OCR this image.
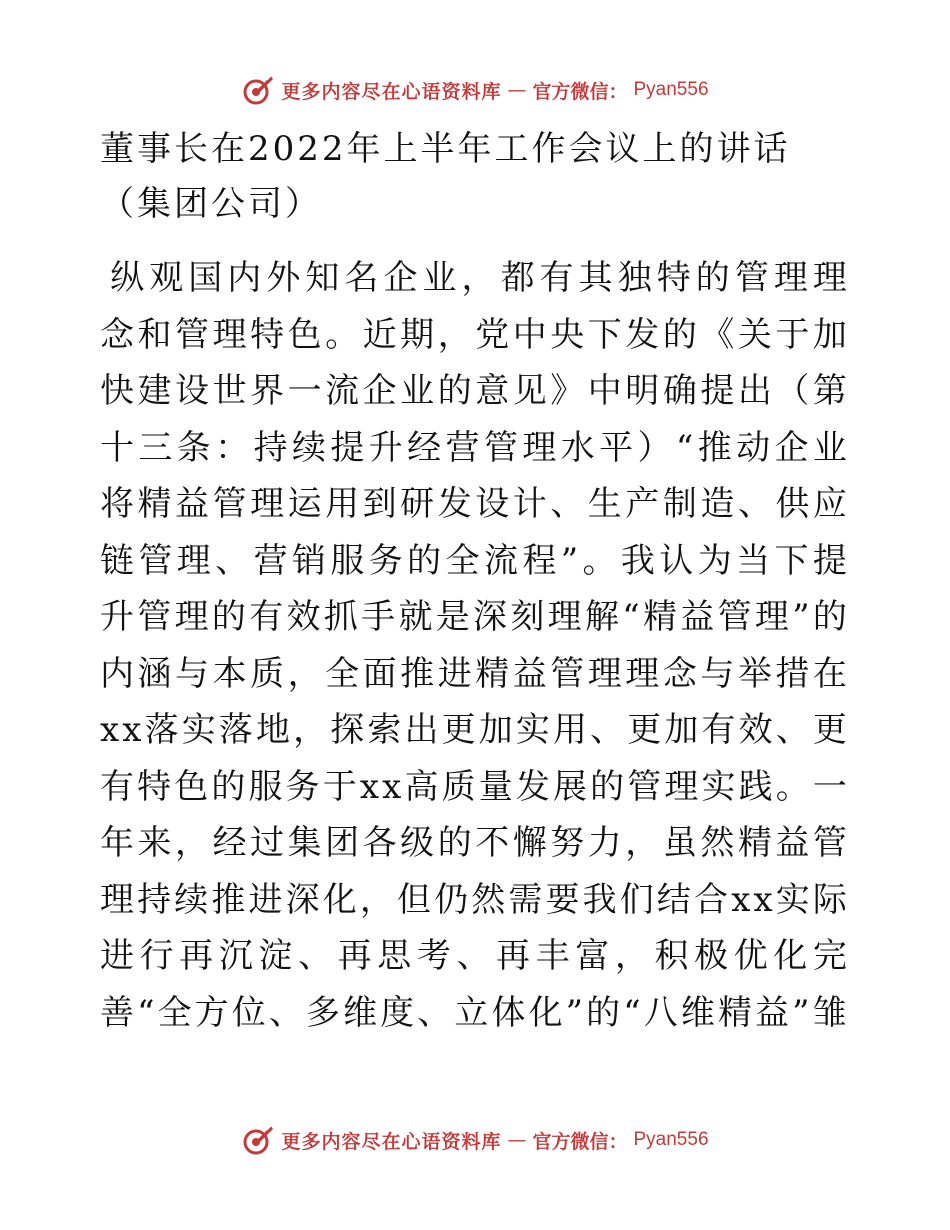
更多内容尽在心语资料库 — 官方微信： Pyan556
董事长在2022年上半年工作会议上的讲话（集团公司）

纵观国内外知名企业，都有其独特的管理理念和管理特色。近期，党中央下发的《关于加快建设世界一流企业的意见》中明确提出（第十三条：持续提升经营管理水平）“推动企业将精益管理运用到研发设计、生产制造、供应链管理、营销服务的全流程”。我认为当下提升管理的有效抓手就是深刻理解“精益管理”的内涵与本质，全面推进精益管理理念与举措在xx落实落地，探索出更加实用、更加有效、更有特色的服务于xx高质量发展的管理实践。一年来，经过集团各级的不懈努力，虽然精益管理持续推进深化，但仍然需要我们结合xx实际进行再沉淀、再思考、再丰富，积极优化完善“全方位、多维度、立体化”的“八维精益”雏

更多内容尽在心语资料库 — 官方微信： Pyan556
